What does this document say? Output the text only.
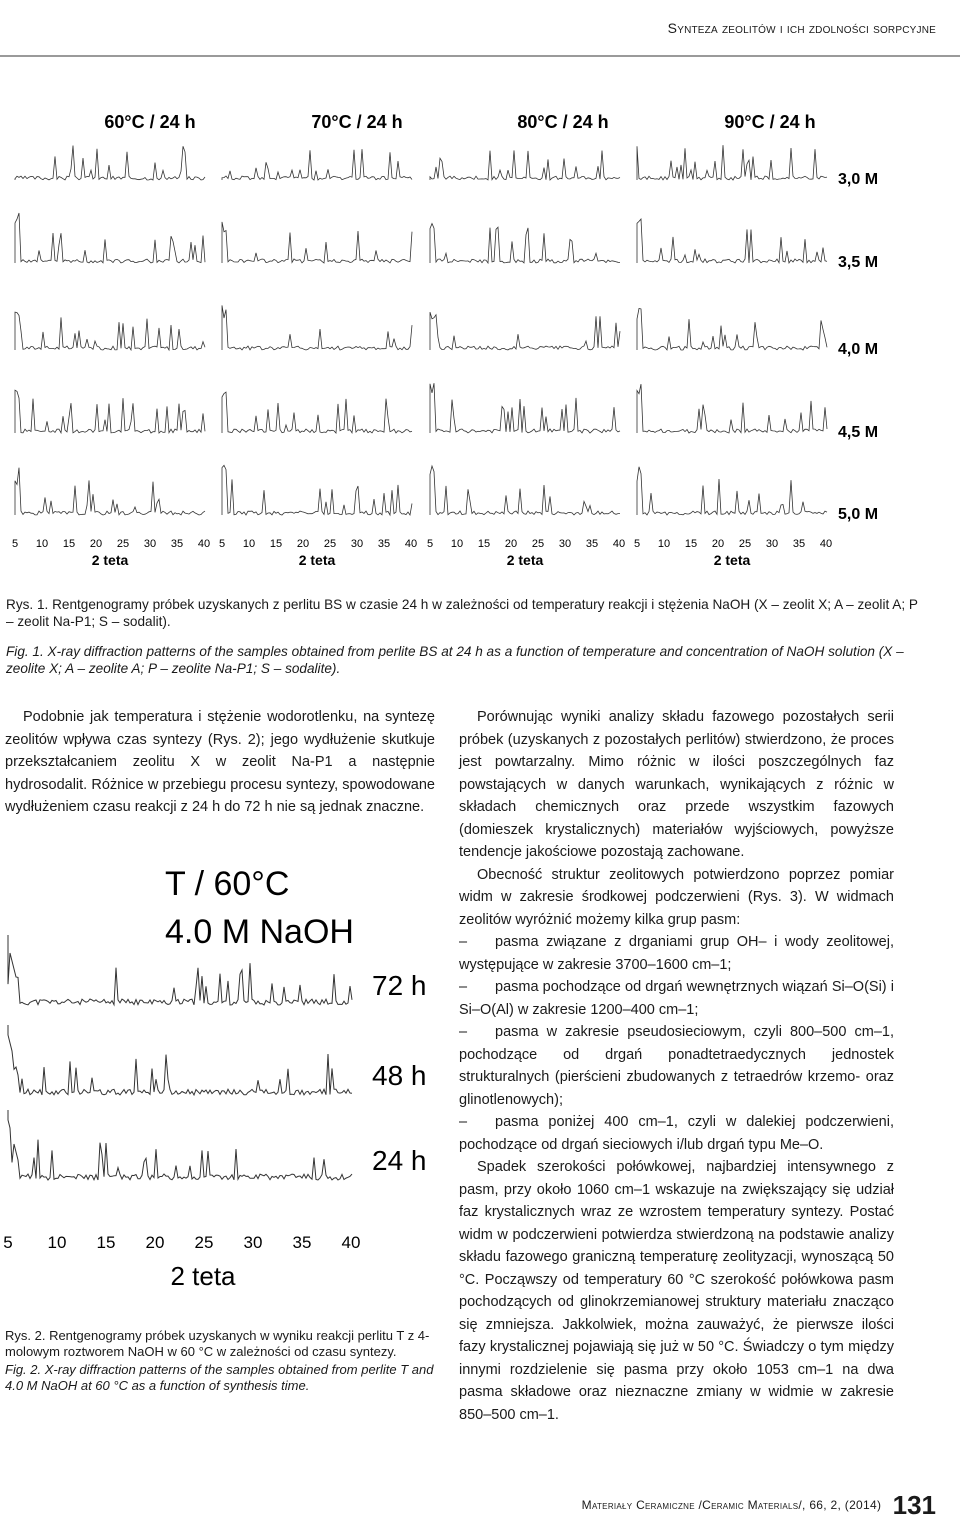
Synteza zeolitów i ich zdolności sorpcyjne
60°C / 24 h	70°C / 24 h	80°C / 24 h	90°C / 24 h
5 10 15 20 25 30 35 40
2 teta
5 10 15 20 25 30 35 40
2 teta
5 10 15 20 25 30 35 40
2 teta
5 10 15 20 25 30 35 40
2 teta
3,0 M
3,5 M
4,0 M
4,5 M
5,0 M
Rys. 1. Rentgenogramy próbek uzyskanych z perlitu BS w czasie 24 h w zależności od temperatury reakcji i stężenia NaOH (X – zeolit X; A – zeolit A; P – zeolit Na-P1; S – sodalit).
Fig. 1. X-ray diffraction patterns of the samples obtained from perlite BS at 24 h as a function of temperature and concentration of NaOH solution (X – zeolite X; A – zeolite A; P – zeolite Na-P1; S – sodalite).

Podobnie jak temperatura i stężenie wodorotlenku, na syntezę zeolitów wpływa czas syntezy (Rys. 2); jego wydłużenie skutkuje przekształcaniem zeolitu X w zeolit Na-P1 a następnie hydrosodalit. Różnice w przebiegu procesu syntezy, spowodowane wydłużeniem czasu reakcji z 24 h do 72 h nie są jednak znaczne.

T / 60°C
4.0 M NaOH
72 h
48 h
24 h
5 10 15 20 25 30 35 40
2 teta

Rys. 2. Rentgenogramy próbek uzyskanych w wyniku reakcji perlitu T z 4-molowym roztworem NaOH w 60 °C w zależności od czasu syntezy.

Fig. 2. X-ray diffraction patterns of the samples obtained from perlite T and 4.0 M NaOH at 60 °C as a function of synthesis time.

Porównując wyniki analizy składu fazowego pozostałych serii próbek (uzyskanych z pozostałych perlitów) stwierdzono, że proces jest powtarzalny. Mimo różnic w ilości poszczególnych faz powstających w danych warunkach, wynikających z różnic w składach chemicznych oraz przede wszystkim fazowych (domieszek krystalicznych) materiałów wyjściowych, powyższe tendencje jakościowe pozostają zachowane.

Obecność struktur zeolitowych potwierdzono poprzez pomiar widm w zakresie środkowej podczerwieni (Rys. 3). W widmach zeolitów wyróżnić możemy kilka grup pasm:

– pasma związane z drganiami grup OH– i wody zeolitowej, występujące w zakresie 3700–1600 cm–1;

– pasma pochodzące od drgań wewnętrznych wiązań Si–O(Si) i Si–O(Al) w zakresie 1200–400 cm–1;

– pasma w zakresie pseudosieciowym, czyli 800–500 cm–1, pochodzące od drgań ponadtetraedycznych jednostek strukturalnych (pierścieni zbudowanych z tetraedrów krzemo- oraz glinotlenowych);

– pasma poniżej 400 cm–1, czyli w dalekiej podczerwieni, pochodzące od drgań sieciowych i/lub drgań typu Me–O.

Spadek szerokości połówkowej, najbardziej intensywnego z pasm, przy około 1060 cm–1 wskazuje na zwiększający się udział faz krystalicznych wraz ze wzrostem temperatury syntezy. Postać widm w podczerwieni potwierdza stwierdzoną na podstawie analizy składu fazowego graniczną temperaturę zeolityzacji, wynoszącą 50 °C. Począwszy od temperatury 60 °C szerokość połówkowa pasm pochodzących od glinokrzemianowej struktury materiału znacząco się zmniejsza. Jakkolwiek, można zauważyć, że pierwsze ilości fazy krystalicznej pojawiają się już w 50 °C. Świadczy o tym między innymi rozdzielenie się pasma przy około 1053 cm–1 na dwa pasma składowe oraz nieznaczne zmiany w widmie w zakresie 850–500 cm–1.

Materiały Ceramiczne /Ceramic Materials/, 66, 2, (2014) 131
